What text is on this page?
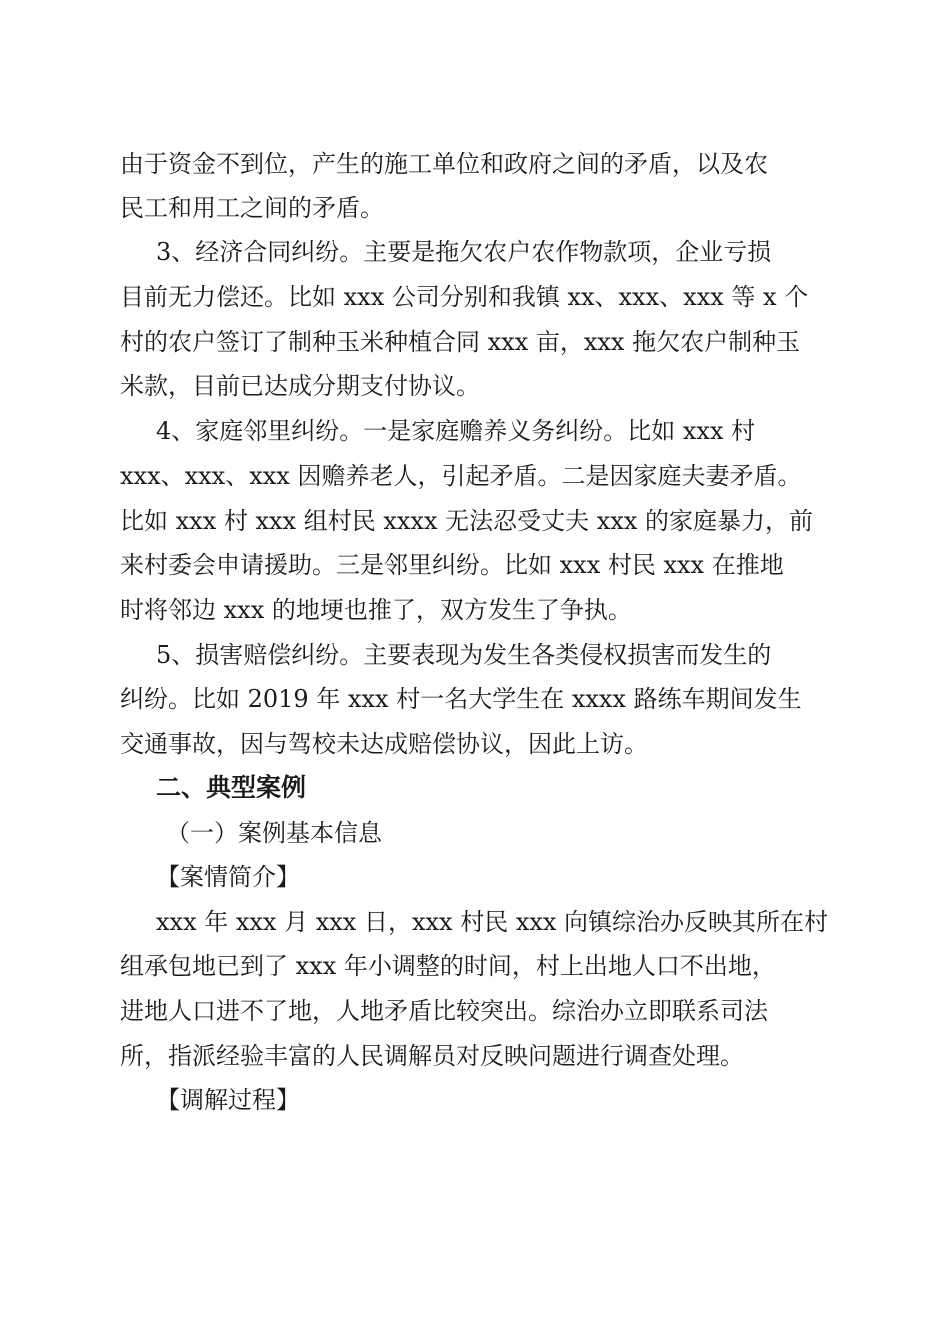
由于资金不到位，产生的施工单位和政府之间的矛盾，以及农
民工和用工之间的矛盾。
3、经济合同纠纷。主要是拖欠农户农作物款项，企业亏损
目前无力偿还。比如 xxx 公司分别和我镇 xx、xxx、xxx 等 x 个
村的农户签订了制种玉米种植合同 xxx 亩，xxx 拖欠农户制种玉
米款，目前已达成分期支付协议。
4、家庭邻里纠纷。一是家庭赡养义务纠纷。比如 xxx 村
xxx、xxx、xxx 因赡养老人，引起矛盾。二是因家庭夫妻矛盾。
比如 xxx 村 xxx 组村民 xxxx 无法忍受丈夫 xxx 的家庭暴力，前
来村委会申请援助。三是邻里纠纷。比如 xxx 村民 xxx 在推地
时将邻边 xxx 的地埂也推了，双方发生了争执。
5、损害赔偿纠纷。主要表现为发生各类侵权损害而发生的
纠纷。比如 2019 年 xxx 村一名大学生在 xxxx 路练车期间发生
交通事故，因与驾校未达成赔偿协议，因此上访。
二、典型案例
（一）案例基本信息
【案情简介】
xxx 年 xxx 月 xxx 日，xxx 村民 xxx 向镇综治办反映其所在村
组承包地已到了 xxx 年小调整的时间，村上出地人口不出地，
进地人口进不了地，人地矛盾比较突出。综治办立即联系司法
所，指派经验丰富的人民调解员对反映问题进行调查处理。
【调解过程】
